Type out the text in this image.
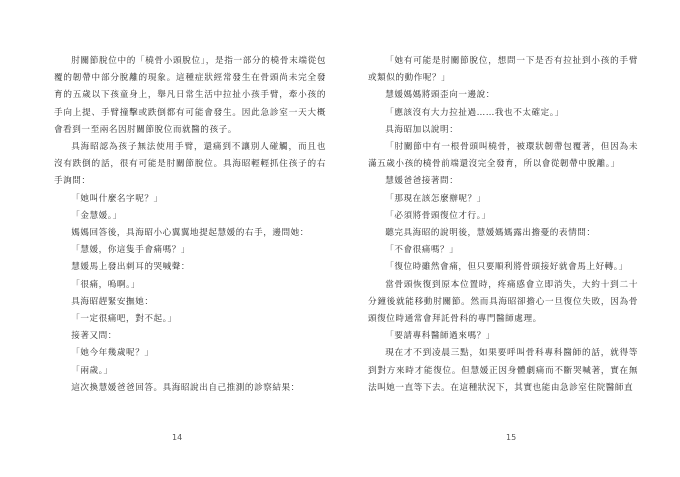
肘關節脫位中的「橈骨小頭脫位」，是指一部分的橈骨末端從包覆的韌帶中部分脫離的現象。這種症狀經常發生在骨頭尚未完全發育的五歲以下孩童身上，舉凡日常生活中拉扯小孩手臂，牽小孩的手向上提、手臂撞擊或跌倒都有可能會發生。因此急診室一天大概會看到一至兩名因肘關節脫位而就醫的孩子。

具海昭認為孩子無法使用手臂，還痛到不讓別人碰觸，而且也沒有跌倒的話，很有可能是肘關節脫位。具海昭輕輕抓住孩子的右手詢問：

「她叫什麼名字呢？」

「金慧媛。」

媽媽回答後，具海昭小心翼翼地提起慧媛的右手，邊問她：

「慧媛，你這隻手會痛嗎？」

慧媛馬上發出刺耳的哭喊聲：

「很痛，嗚啊。」

具海昭趕緊安撫她：

「一定很痛吧，對不起。」

接著又問：

「她今年幾歲呢？」

「兩歲。」

這次換慧媛爸爸回答。具海昭說出自己推測的診察結果：

14

「她有可能是肘關節脫位，想問一下是否有拉扯到小孩的手臂或類似的動作呢？」

慧媛媽媽將頭歪向一邊說：

「應該沒有大力拉扯過……我也不太確定。」

具海昭加以說明：

「肘關節中有一根骨頭叫橈骨，被環狀韌帶包覆著，但因為未滿五歲小孩的橈骨前端還沒完全發育，所以會從韌帶中脫離。」

慧媛爸爸接著問：

「那現在該怎麼辦呢？」

「必須將骨頭復位才行。」

聽完具海昭的說明後，慧媛媽媽露出擔憂的表情問：

「不會很痛嗎？」

「復位時雖然會痛，但只要順利將骨頭接好就會馬上好轉。」

當骨頭恢復到原本位置時，疼痛感會立即消失，大約十到二十分鐘後就能移動肘關節。然而具海昭卻擔心一旦復位失敗，因為骨頭復位時通常會拜託骨科的專門醫師處理。

「要請專科醫師過來嗎？」

現在才不到凌晨三點，如果要呼叫骨科專科醫師的話，就得等到對方來時才能復位。但慧媛正因身體劇痛而不斷哭喊著，實在無法叫她一直等下去。在這種狀況下，其實也能由急診室住院醫師直

15
